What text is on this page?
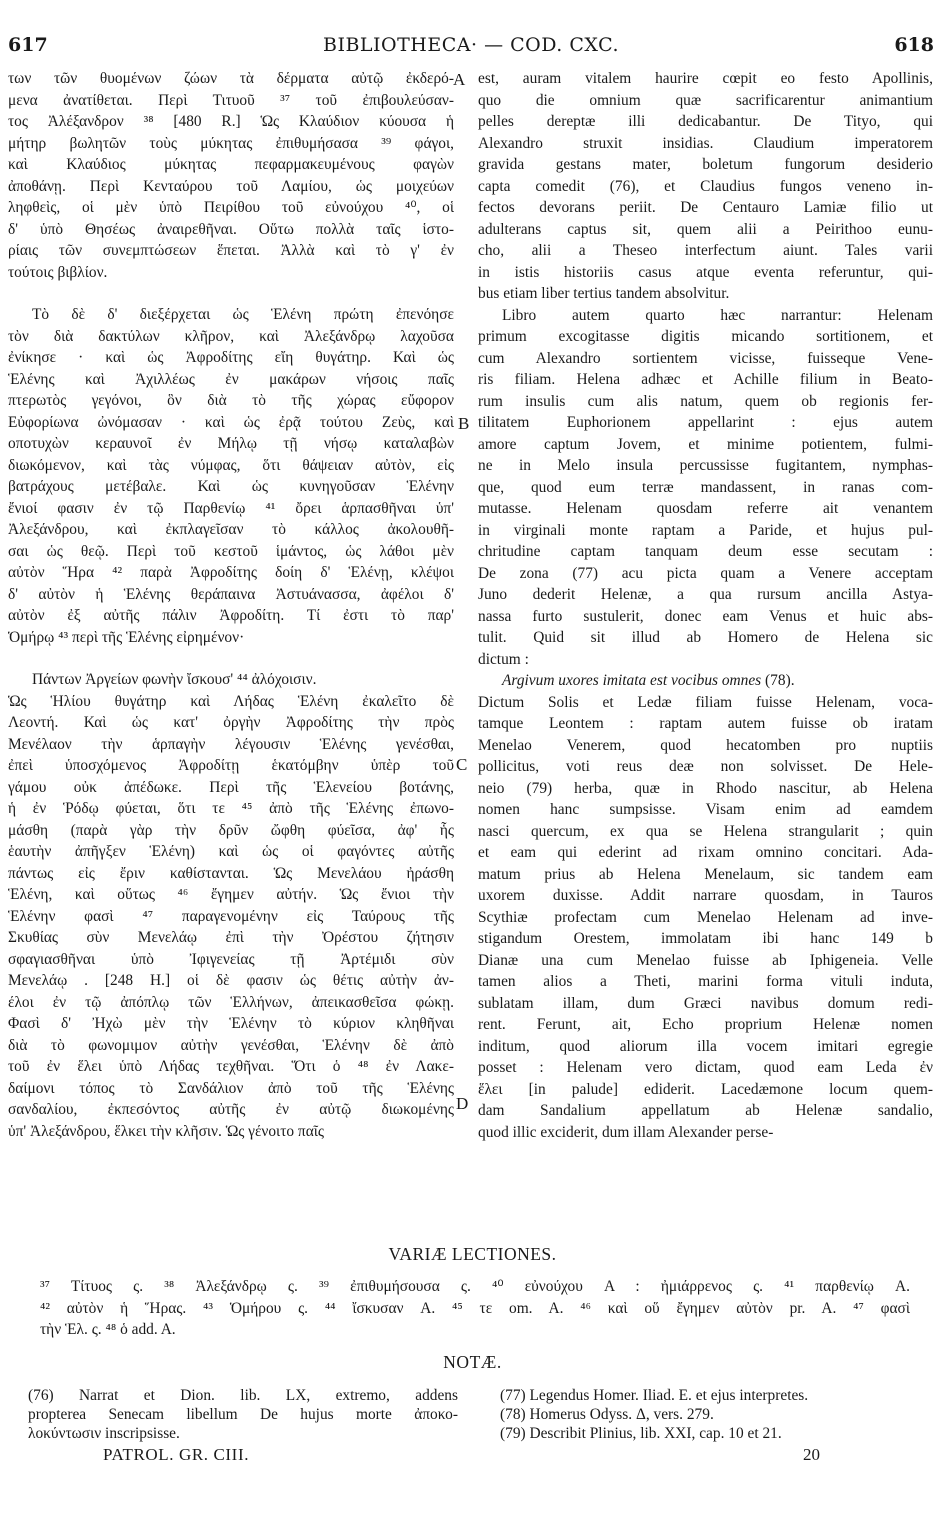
617	BIBLIOTHECA· — COD. CXC.	618
των τῶν θυομένων ζώων τὰ δέρματα αὐτῷ ἐκδερό-
μενα ἀνατίθεται. Περὶ Τιτυοῦ ³⁷ τοῦ ἐπιβουλεύσαν-
τος Ἀλέξανδρον ³⁸ [480 R.] Ὡς Κλαύδιον κύουσα ἡ
μήτηρ βωλητῶν τοὺς μύκητας ἐπιθυμήσασα ³⁹ φάγοι,
καὶ Κλαύδιος μύκητας πεφαρμακευμένους φαγὼν
ἀποθάνῃ. Περὶ Κενταύρου τοῦ Λαμίου, ὡς μοιχεύων
ληφθεὶς, οἱ μὲν ὑπὸ Πειρίθου τοῦ εὐνούχου ⁴⁰, οἱ
δ' ὑπὸ Θησέως ἀναιρεθῆναι. Οὕτω πολλὰ ταῖς ἱστο-
ρίαις τῶν συνεμπτώσεων ἕπεται. Ἀλλὰ καὶ τὸ γ' ἐν
τούτοις βιβλίον.
Τὸ δὲ δ' διεξέρχεται ὡς Ἑλένη πρώτη ἐπενόησε
τὸν διὰ δακτύλων κλῆρον, καὶ Ἀλεξάνδρῳ λαχοῦσα
ἐνίκησε · καὶ ὡς Ἀφροδίτης εἴη θυγάτηρ. Καὶ ὡς
Ἑλένης καὶ Ἀχιλλέως ἐν μακάρων νήσοις παῖς
πτερωτὸς γεγόνοι, ὃν διὰ τὸ τῆς χώρας εὔφορον
Εὐφορίωνα ὠνόμασαν · καὶ ὡς ἐρᾷ τούτου Ζεὺς, καὶ
οποτυχὼν κεραυνοῖ ἐν Μήλῳ τῇ νήσῳ καταλαβὼν
διωκόμενον, καὶ τὰς νύμφας, ὅτι θάψειαν αὐτὸν, εἰς
βατράχους μετέβαλε. Καὶ ὡς κυνηγοῦσαν Ἑλένην
ἔνιοί φασιν ἐν τῷ Παρθενίῳ ⁴¹ ὄρει ἁρπασθῆναι ὑπ'
Ἀλεξάνδρου, καὶ ἐκπλαγεῖσαν τὸ κάλλος ἀκολουθῆ-
σαι ὡς θεῷ. Περὶ τοῦ κεστοῦ ἱμάντος, ὡς λάθοι μὲν
αὐτὸν Ἥρα ⁴² παρὰ Ἀφροδίτης δοίη δ' Ἑλένῃ, κλέψοι
δ' αὐτὸν ἡ Ἑλένης θεράπαινα Ἀστυάνασσα, ἀφέλοι δ'
αὐτὸν ἐξ αὐτῆς πάλιν Ἀφροδίτη. Τί ἐστι τὸ παρ'
Ὁμήρῳ ⁴³ περὶ τῆς Ἑλένης εἰρημένον·
Πάντων Ἀργείων φωνὴν ἴσκουσ' ⁴⁴ ἀλόχοισιν.
Ὡς Ἡλίου θυγάτηρ καὶ Λήδας Ἑλένη ἐκαλεῖτο δὲ
Λεοντή. Καὶ ὡς κατ' ὀργὴν Ἀφροδίτης τὴν πρὸς
Μενέλαον τὴν ἁρπαγὴν λέγουσιν Ἑλένης γενέσθαι,
ἐπεὶ ὑποσχόμενος Ἀφροδίτῃ ἑκατόμβην ὑπὲρ τοῦ
γάμου οὐκ ἀπέδωκε. Περὶ τῆς Ἑλενείου βοτάνης,
ἡ ἐν Ῥόδῳ φύεται, ὅτι τε ⁴⁵ ἀπὸ τῆς Ἑλένης ἐπωνο-
μάσθη (παρὰ γὰρ τὴν δρῦν ὤφθη φύεῖσα, ἀφ' ἧς
ἑαυτὴν ἀπῆγξεν Ἑλένη) καὶ ὡς οἱ φαγόντες αὐτῆς
πάντως εἰς ἔριν καθίστανται. Ὡς Μενελάου ἠράσθη
Ἑλένη, καὶ οὕτως ⁴⁶ ἔγημεν αὐτήν. Ὡς ἔνιοι τὴν
Ἑλένην φασὶ ⁴⁷ παραγενομένην εἰς Ταύρους τῆς
Σκυθίας σὺν Μενελάῳ ἐπὶ τὴν Ὀρέστου ζήτησιν
σφαγιασθῆναι ὑπὸ Ἰφιγενείας τῇ Ἀρτέμιδι σὺν
Μενελάῳ . [248 H.] οἱ δὲ φασιν ὡς θέτις αὐτὴν ἀν-
έλοι ἐν τῷ ἀπόπλῳ τῶν Ἑλλήνων, ἀπεικασθεῖσα φώκῃ.
Φασὶ δ' Ἠχὼ μὲν τὴν Ἑλένην τὸ κύριον κληθῆναι
διὰ τὸ φωνομιμον αὐτὴν γενέσθαι, Ἑλένην δὲ ἀπὸ
τοῦ ἐν ἕλει ὑπὸ Λήδας τεχθῆναι. Ὅτι ὁ ⁴⁸ ἐν Λακε-
δαίμονι τόπος τὸ Σανδάλιον ἀπὸ τοῦ τῆς Ἑλένης
σανδαλίου, ἐκπεσόντος αὐτῆς ἐν αὐτῷ διωκομένης
ὑπ' Ἀλεξάνδρου, ἕλκει τὴν κλῆσιν. Ὡς γένοιτο παῖς
A
B
C
D
est, auram vitalem haurire cœpit eo festo Apollinis,
quo die omnium quæ sacrificarentur animantium
pelles dereptæ illi dedicabantur. De Tityo, qui
Alexandro struxit insidias. Claudium imperatorem
gravida gestans mater, boletum fungorum desiderio
capta comedit (76), et Claudius fungos veneno in-
fectos devorans periit. De Centauro Lamiæ filio ut
adulterans captus sit, quem alii a Peirithoo eunu-
cho, alii a Theseo interfectum aiunt. Tales varii
in istis historiis casus atque eventa referuntur, qui-
bus etiam liber tertius tandem absolvitur.
Libro autem quarto hæc narrantur: Helenam
primum excogitasse digitis micando sortitionem, et
cum Alexandro sortientem vicisse, fuisseque Vene-
ris filiam. Helena adhæc et Achille filium in Beato-
rum insulis cum alis natum, quem ob regionis fer-
tilitatem Euphorionem appellarint : ejus autem
amore captum Jovem, et minime potientem, fulmi-
ne in Melo insula percussisse fugitantem, nymphas-
que, quod eum terræ mandassent, in ranas com-
mutasse. Helenam quosdam referre ait venantem
in virginali monte raptam a Paride, et hujus pul-
chritudine captam tanquam deum esse secutam :
De zona (77) acu picta quam a Venere acceptam
Juno dederit Helenæ, a qua rursum ancilla Astya-
nassa furto sustulerit, donec eam Venus et huic abs-
tulit. Quid sit illud ab Homero de Helena sic
dictum :
Argivum uxores imitata est vocibus omnes (78).
Dictum Solis et Ledæ filiam fuisse Helenam, voca-
tamque Leontem : raptam autem fuisse ob iratam
Menelao Venerem, quod hecatomben pro nuptiis
pollicitus, voti reus deæ non solvisset. De Hele-
neio (79) herba, quæ in Rhodo nascitur, ab Helena
nomen hanc sumpsisse. Visam enim ad eamdem
nasci quercum, ex qua se Helena strangularit ; quin
et eam qui ederint ad rixam omnino concitari. Ada-
matum prius ab Helena Menelaum, sic tandem eam
uxorem duxisse. Addit narrare quosdam, in Tauros
Scythiæ profectam cum Menelao Helenam ad inve-
stigandum Orestem, immolatam ibi hanc 149 b
Dianæ una cum Menelao fuisse ab Iphigeneia. Velle
tamen alios a Theti, marini forma vituli induta,
sublatam illam, dum Græci navibus domum redi-
rent. Ferunt, ait, Echo proprium Helenæ nomen
inditum, quod aliorum illa vocem imitari egregie
posset : Helenam vero dictam, quod eam Leda ἐν
ἕλει [in palude] ediderit. Lacedæmone locum quem-
dam Sandalium appellatum ab Helenæ sandalio,
quod illic exciderit, dum illam Alexander perse-
VARIÆ LECTIONES.
³⁷ Τίτυος ς. ³⁸ Ἀλεξάνδρῳ ς. ³⁹ ἐπιθυμήσουσα ς. ⁴⁰ εὐνούχου A : ἠμιάρρενος ς. ⁴¹ παρθενίῳ A.
⁴² αὐτὸν ἡ Ἥρας. ⁴³ Ὁμήρου ς. ⁴⁴ ἴσκυσαν A. ⁴⁵ τε om. A. ⁴⁶ καὶ οὕ ἔγημεν αὐτὸν pr. A. ⁴⁷ φασὶ
τὴν Ἑλ. ς. ⁴⁸ ὁ add. A.
NOTÆ.
(76) Narrat et Dion. lib. LX, extremo, addens
propterea Senecam libellum De hujus morte ἀποκο-
λοκύντωσιν inscripsisse.
(77) Legendus Homer. Iliad. E. et ejus interpretes.
(78) Homerus Odyss. Δ, vers. 279.
(79) Describit Plinius, lib. XXI, cap. 10 et 21.
PATROL. GR. CIII.	20
